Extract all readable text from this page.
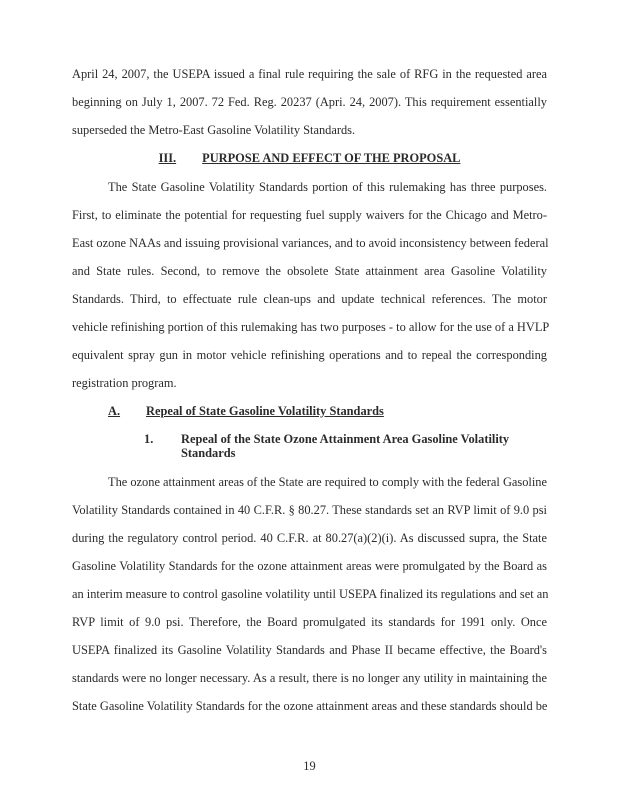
April 24, 2007, the USEPA issued a final rule requiring the sale of RFG in the requested area
beginning on July 1, 2007. 72 Fed. Reg. 20237 (Apri. 24, 2007). This requirement essentially
superseded the Metro-East Gasoline Volatility Standards.
III. PURPOSE AND EFFECT OF THE PROPOSAL
The State Gasoline Volatility Standards portion of this rulemaking has three purposes.
First, to eliminate the potential for requesting fuel supply waivers for the Chicago and Metro-
East ozone NAAs and issuing provisional variances, and to avoid inconsistency between federal
and State rules. Second, to remove the obsolete State attainment area Gasoline Volatility
Standards. Third, to effectuate rule clean-ups and update technical references. The motor
vehicle refinishing portion of this rulemaking has two purposes - to allow for the use of a HVLP
equivalent spray gun in motor vehicle refinishing operations and to repeal the corresponding
registration program.
A. Repeal of State Gasoline Volatility Standards
1. Repeal of the State Ozone Attainment Area Gasoline Volatility
Standards
The ozone attainment areas of the State are required to comply with the federal Gasoline
Volatility Standards contained in 40 C.F.R. § 80.27. These standards set an RVP limit of 9.0 psi
during the regulatory control period. 40 C.F.R. at 80.27(a)(2)(i). As discussed supra, the State
Gasoline Volatility Standards for the ozone attainment areas were promulgated by the Board as
an interim measure to control gasoline volatility until USEPA finalized its regulations and set an
RVP limit of 9.0 psi. Therefore, the Board promulgated its standards for 1991 only. Once
USEPA finalized its Gasoline Volatility Standards and Phase II became effective, the Board's
standards were no longer necessary. As a result, there is no longer any utility in maintaining the
State Gasoline Volatility Standards for the ozone attainment areas and these standards should be
19
